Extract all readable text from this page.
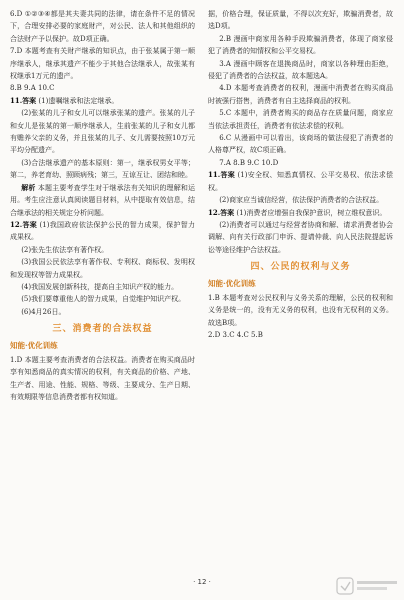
6.D ①②③④都是其夫妻共同的法律，请在条件不足的情况下，合理安排必要的家庭财产，对公民、法人和其他组织的合法财产予以保护。故D项正确。

7.D 本题考查有关财产继承的知识点，由于张某属于第一顺序继承人，继承其遗产不能少于其他合法继承人，故张某有权继承1万元的遗产。

8.B 9.A 10.C

11.答案 (1)遗嘱继承和法定继承。

(2)张某的儿子和女儿可以继承张某的遗产。张某的儿子和女儿是张某的第一顺序继承人，生前张某的儿子和女儿都有赡养父亲的义务，并且张某的儿子、女儿需要按照10万元平均分配遗产。

(3)合法继承遗产的基本原则：第一，继承权男女平等；第二，养老育幼、照顾病残；第三，互谅互让、团结和睦。

解析 本题主要考查学生对于继承法有关知识的理解和运用。考生应注意认真阅读题目材料，从中提取有效信息，结合继承法的相关规定分析问题。

12.答案 (1)我国政府依法保护公民的智力成果，保护智力成果权。

(2)张先生依法享有著作权。

(3)我国公民依法享有著作权、专利权、商标权、发明权和发现权等智力成果权。

(4)我国发展创新科技，提高自主知识产权的能力。

(5)我们要尊重他人的智力成果，自觉维护知识产权。

(6)4月26日。

三、消费者的合法权益
知能·优化训练

1.D 本题主要考查消费者的合法权益。消费者在购买商品时享有知悉商品的真实情况的权利，有关商品的价格、产地、生产者、用途、性能、规格、等级、主要成分、生产日期、有效期限等信息消费者都有权知道。

据，价格合理，保证质量，不得以次充好，欺骗消费者，故选D项。

2.B 漫画中商家用各种手段欺骗消费者，体现了商家侵犯了消费者的知情权和公平交易权。

3.A 漫画中顾客在退换商品时，商家以各种理由拒绝，侵犯了消费者的合法权益，故本题选A。

4.D 本题考查消费者的权利，漫画中消费者在购买商品时被强行搭售，消费者有自主选择商品的权利。

5.C 本题中，消费者购买的商品存在质量问题，商家应当依法承担责任，消费者有依法求偿的权利。

6.C 从漫画中可以看出，该商场的做法侵犯了消费者的人格尊严权，故C项正确。

7.A 8.B 9.C 10.D

11.答案 (1)安全权、知悉真情权、公平交易权、依法求偿权。

(2)商家应当诚信经营，依法保护消费者的合法权益。

12.答案 (1)消费者应增强自我保护意识，树立维权意识。

(2)消费者可以通过与经营者协商和解、请求消费者协会调解、向有关行政部门申诉、提请仲裁、向人民法院提起诉讼等途径维护合法权益。

四、公民的权利与义务
知能·优化训练

1.B 本题考查对公民权利与义务关系的理解，公民的权利和义务是统一的，没有无义务的权利，也没有无权利的义务。故选B项。

2.D 3.C 4.C 5.B

· 12 ·
